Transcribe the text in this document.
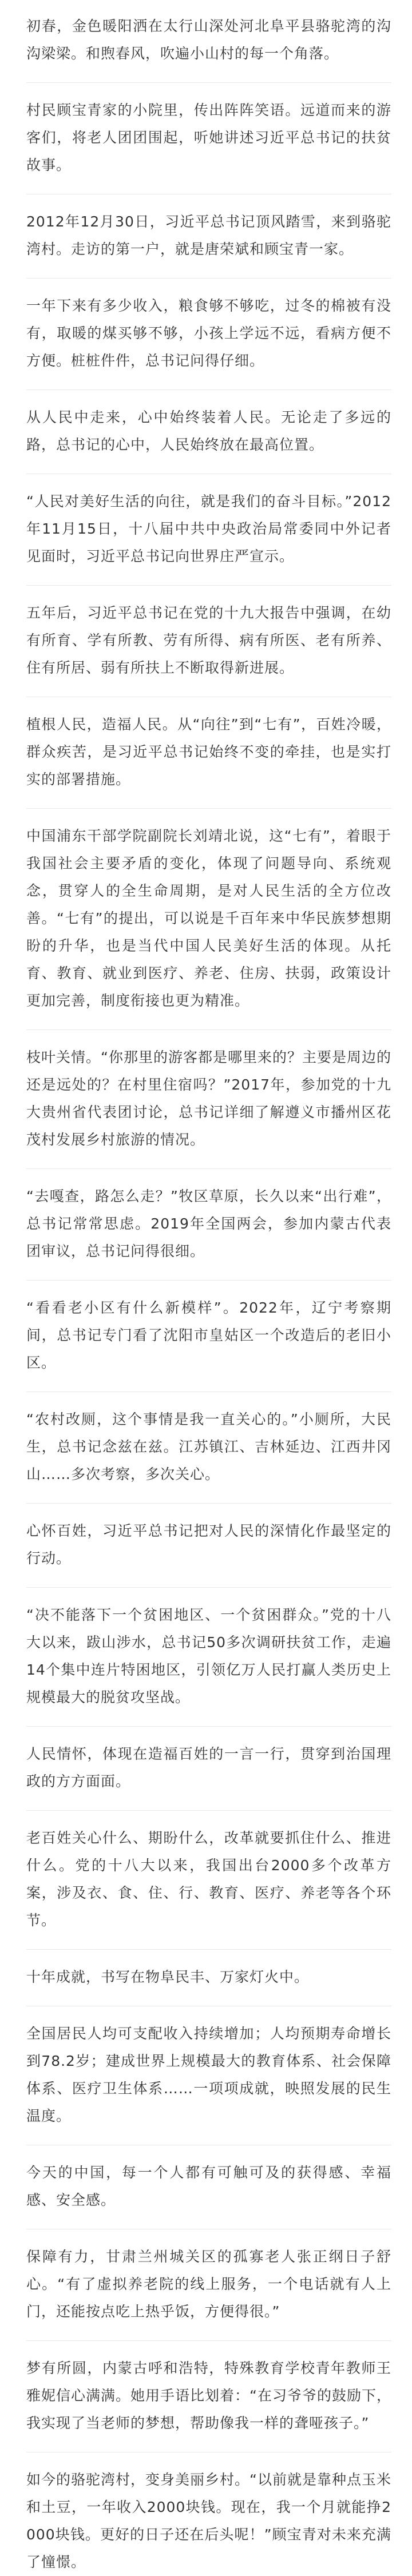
初春，金色暖阳洒在太行山深处河北阜平县骆驼湾的沟沟梁梁。和煦春风，吹遍小山村的每一个角落。

村民顾宝青家的小院里，传出阵阵笑语。远道而来的游客们，将老人团团围起，听她讲述习近平总书记的扶贫故事。

2012年12月30日，习近平总书记顶风踏雪，来到骆驼湾村。走访的第一户，就是唐荣斌和顾宝青一家。

一年下来有多少收入，粮食够不够吃，过冬的棉被有没有，取暖的煤买够不够，小孩上学远不远，看病方便不方便。桩桩件件，总书记问得仔细。

从人民中走来，心中始终装着人民。无论走了多远的路，总书记的心中，人民始终放在最高位置。

“人民对美好生活的向往，就是我们的奋斗目标。”2012年11月15日，十八届中共中央政治局常委同中外记者见面时，习近平总书记向世界庄严宣示。

五年后，习近平总书记在党的十九大报告中强调，在幼有所育、学有所教、劳有所得、病有所医、老有所养、住有所居、弱有所扶上不断取得新进展。

植根人民，造福人民。从“向往”到“七有”，百姓冷暖，群众疾苦，是习近平总书记始终不变的牵挂，也是实打实的部署措施。

中国浦东干部学院副院长刘靖北说，这“七有”，着眼于我国社会主要矛盾的变化，体现了问题导向、系统观念，贯穿人的全生命周期，是对人民生活的全方位改善。“七有”的提出，可以说是千百年来中华民族梦想期盼的升华，也是当代中国人民美好生活的体现。从托育、教育、就业到医疗、养老、住房、扶弱，政策设计更加完善，制度衔接也更为精准。

枝叶关情。“你那里的游客都是哪里来的？主要是周边的还是远处的？在村里住宿吗？”2017年，参加党的十九大贵州省代表团讨论，总书记详细了解遵义市播州区花茂村发展乡村旅游的情况。

“去嘎查，路怎么走？”牧区草原，长久以来“出行难”，总书记常常思虑。2019年全国两会，参加内蒙古代表团审议，总书记问得很细。

“看看老小区有什么新模样”。2022年，辽宁考察期间，总书记专门看了沈阳市皇姑区一个改造后的老旧小区。

“农村改厕，这个事情是我一直关心的。”小厕所，大民生，总书记念兹在兹。江苏镇江、吉林延边、江西井冈山……多次考察，多次关心。

心怀百姓，习近平总书记把对人民的深情化作最坚定的行动。

“决不能落下一个贫困地区、一个贫困群众。”党的十八大以来，跋山涉水，总书记50多次调研扶贫工作，走遍14个集中连片特困地区，引领亿万人民打赢人类历史上规模最大的脱贫攻坚战。

人民情怀，体现在造福百姓的一言一行，贯穿到治国理政的方方面面。

老百姓关心什么、期盼什么，改革就要抓住什么、推进什么。党的十八大以来，我国出台2000多个改革方案，涉及衣、食、住、行、教育、医疗、养老等各个环节。

十年成就，书写在物阜民丰、万家灯火中。

全国居民人均可支配收入持续增加；人均预期寿命增长到78.2岁；建成世界上规模最大的教育体系、社会保障体系、医疗卫生体系……一项项成就，映照发展的民生温度。

今天的中国，每一个人都有可触可及的获得感、幸福感、安全感。

保障有力，甘肃兰州城关区的孤寡老人张正纲日子舒心。“有了虚拟养老院的线上服务，一个电话就有人上门，还能按点吃上热乎饭，方便得很。”

梦有所圆，内蒙古呼和浩特，特殊教育学校青年教师王雅妮信心满满。她用手语比划着：“在习爷爷的鼓励下，我实现了当老师的梦想，帮助像我一样的聋哑孩子。”

如今的骆驼湾村，变身美丽乡村。“以前就是靠种点玉米和土豆，一年收入2000块钱。现在，我一个月就能挣2000块钱。更好的日子还在后头呢！”顾宝青对未来充满了憧憬。
